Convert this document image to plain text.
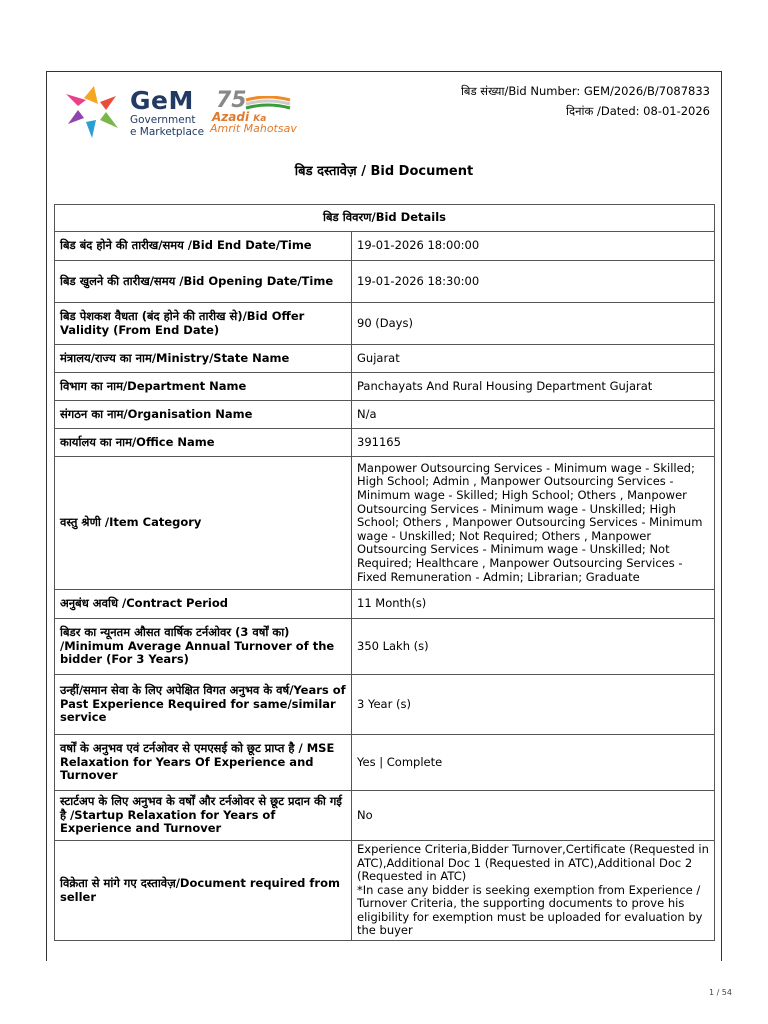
GeM
Government
e Marketplace
75
Azadi Ka
Amrit Mahotsav
बिड संख्या/Bid Number: GEM/2026/B/7087833
दिनांक /Dated: 08-01-2026
बिड दस्तावेज़ / Bid Document
बिड विवरण/Bid Details	
बिड बंद होने की तारीख/समय /Bid End Date/Time	19-01-2026 18:00:00
बिड खुलने की तारीख/समय /Bid Opening Date/Time	19-01-2026 18:30:00
बिड पेशकश वैधता (बंद होने की तारीख से)/Bid Offer Validity (From End Date)	90 (Days)
मंत्रालय/राज्य का नाम/Ministry/State Name	Gujarat
विभाग का नाम/Department Name	Panchayats And Rural Housing Department Gujarat
संगठन का नाम/Organisation Name	N/a
कार्यालय का नाम/Office Name	391165
वस्तु श्रेणी /Item Category	Manpower Outsourcing Services - Minimum wage - Skilled; High School; Admin , Manpower Outsourcing Services - Minimum wage - Skilled; High School; Others , Manpower Outsourcing Services - Minimum wage - Unskilled; High School; Others , Manpower Outsourcing Services - Minimum wage - Unskilled; Not Required; Others , Manpower Outsourcing Services - Minimum wage - Unskilled; Not Required; Healthcare , Manpower Outsourcing Services - Fixed Remuneration - Admin; Librarian; Graduate
अनुबंध अवधि /Contract Period	11 Month(s)
बिडर का न्यूनतम औसत वार्षिक टर्नओवर (3 वर्षों का) /Minimum Average Annual Turnover of the bidder (For 3 Years)	350 Lakh (s)
उन्हीं/समान सेवा के लिए अपेक्षित विगत अनुभव के वर्ष/Years of Past Experience Required for same/similar service	3 Year (s)
वर्षों के अनुभव एवं टर्नओवर से एमएसई को छूट प्राप्त है / MSE Relaxation for Years Of Experience and Turnover	Yes | Complete
स्टार्टअप के लिए अनुभव के वर्षों और टर्नओवर से छूट प्रदान की गई है /Startup Relaxation for Years of Experience and Turnover	No
विक्रेता से मांगे गए दस्तावेज़/Document required from seller	Experience Criteria,Bidder Turnover,Certificate (Requested in ATC),Additional Doc 1 (Requested in ATC),Additional Doc 2 (Requested in ATC)
*In case any bidder is seeking exemption from Experience / Turnover Criteria, the supporting documents to prove his eligibility for exemption must be uploaded for evaluation by the buyer
1 / 54
